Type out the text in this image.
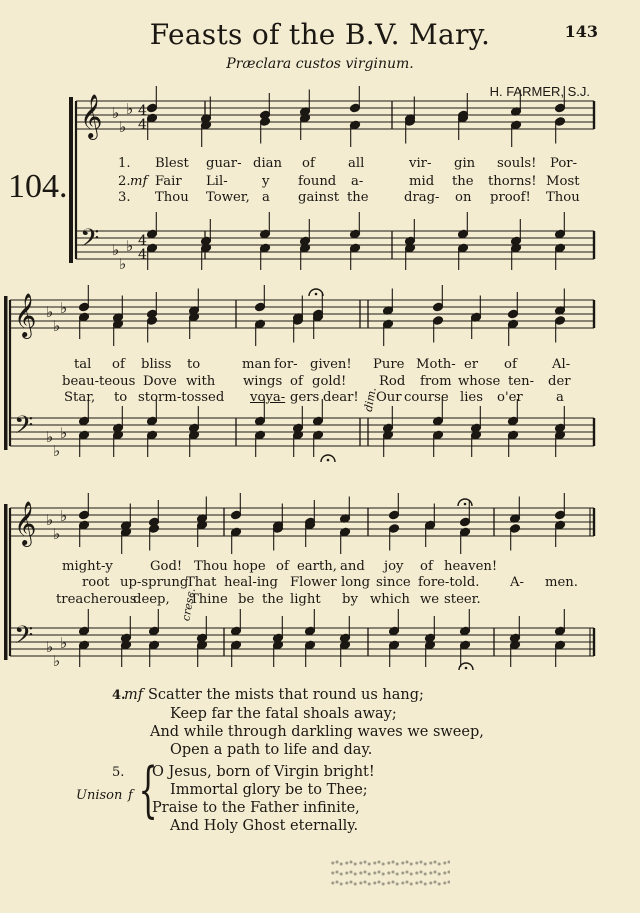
Feasts of the B.V. Mary.	143
Præclara custos virginum.
H. FARMER, S.J.
104.
𝄞
𝄢
♭
♭
♭
♭
♭
♭
4
4
4
4
𝄞
𝄢
♭
♭
♭
♭
♭
♭
𝄞
𝄢
♭
♭
♭
♭
♭
♭
1. Blest guar- dian of	all	vir- gin souls! Por-
2. mf Fair Lil-	y found a-	mid the thorns! Most
3. Thou Tower, a gainst the	drag- on proof! Thou
tal of bliss to	man for- given! Pure Moth- er of	Al-
beau-teous Dove with wings of gold! Rod from whose ten- der
Star, to storm-tossed voya- gers dear! Our course lies o'er	a
dim.
might-y	God! Thou hope of earth, and joy of heaven!
root up-sprung
That heal-ing Flower long since fore-told. A- men.
treacherous
deep, Thine be the light by which we steer.
cresc.
4.
mf Scatter the mists that round us hang;
Keep far the fatal shoals away;
And while through darkling waves we sweep,
Open a path to life and day.
5.
Unison f {
O Jesus, born of Virgin bright!
Immortal glory be to Thee;
Praise to the Father infinite,
And Holy Ghost eternally.
